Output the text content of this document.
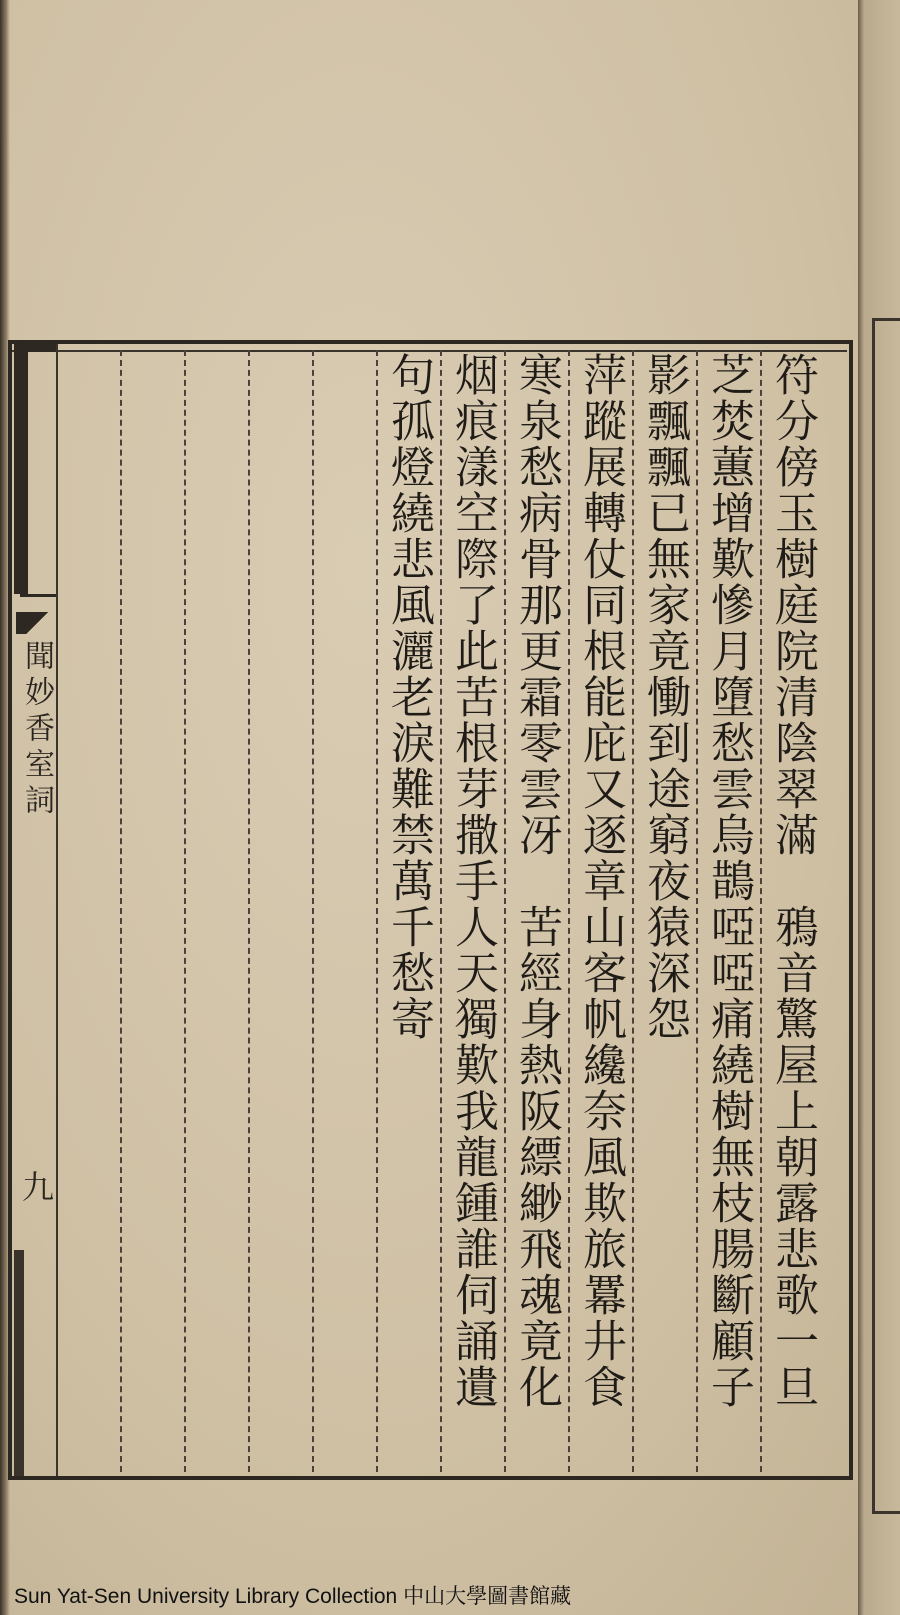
聞妙香室詞
九	符分傍玉樹庭院清陰翠滿　鴉音驚屋上朝露悲歌一旦
芝焚蕙增歎慘月墮愁雲烏鵲啞啞痛繞樹無枝腸斷顧子
影飄飄已無家竟慟到途窮夜猿深怨
萍蹤展轉仗同根能庇又逐章山客帆纔奈風欺旅羃井食
寒泉愁病骨那更霜零雲冴　苦經身熱阪縹緲飛魂竟化
烟痕漾空際了此苦根芽撒手人天獨歎我龍鍾誰伺誦遺
句孤燈繞悲風灑老淚難禁萬千愁寄
Sun Yat-Sen University Library Collection 中山大學圖書館藏
